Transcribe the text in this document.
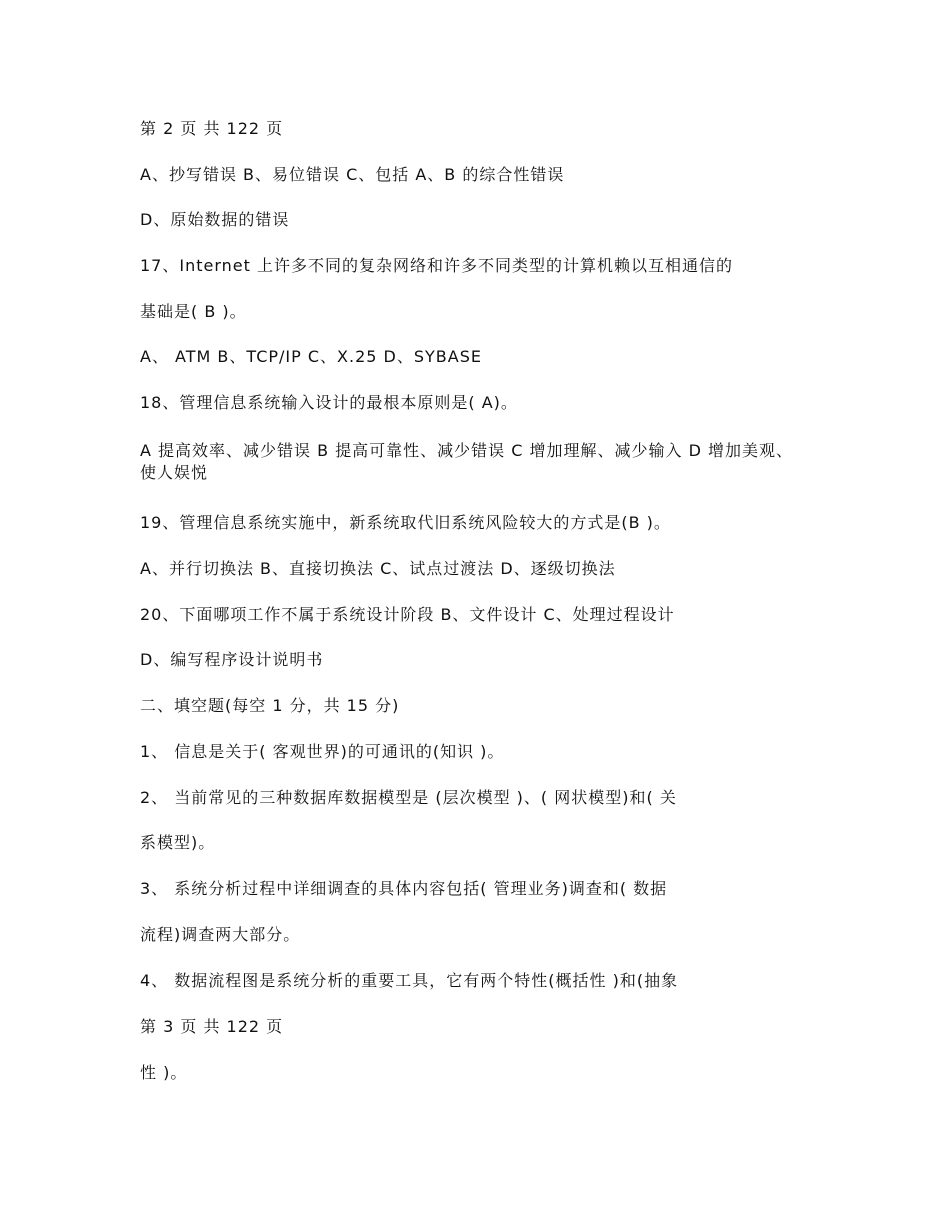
第 2 页 共 122 页
A、抄写错误 B、易位错误 C、包括 A、B 的综合性错误
D、原始数据的错误
17、Internet 上许多不同的复杂网络和许多不同类型的计算机赖以互相通信的
基础是( B )。
A、 ATM B、TCP/IP C、X.25 D、SYBASE
18、管理信息系统输入设计的最根本原则是( A)。
A 提高效率、减少错误 B 提高可靠性、减少错误 C 增加理解、减少输入 D 增加美观、使人娱悦
19、管理信息系统实施中，新系统取代旧系统风险较大的方式是(B )。
A、并行切换法 B、直接切换法 C、试点过渡法 D、逐级切换法
20、下面哪项工作不属于系统设计阶段 B、文件设计 C、处理过程设计
D、编写程序设计说明书
二、填空题(每空 1 分，共 15 分)
1、 信息是关于( 客观世界)的可通讯的(知识 )。
2、 当前常见的三种数据库数据模型是 (层次模型 )、( 网状模型)和( 关
系模型)。
3、 系统分析过程中详细调查的具体内容包括( 管理业务)调查和( 数据
流程)调查两大部分。
4、 数据流程图是系统分析的重要工具，它有两个特性(概括性 )和(抽象
第 3 页 共 122 页
性 )。
